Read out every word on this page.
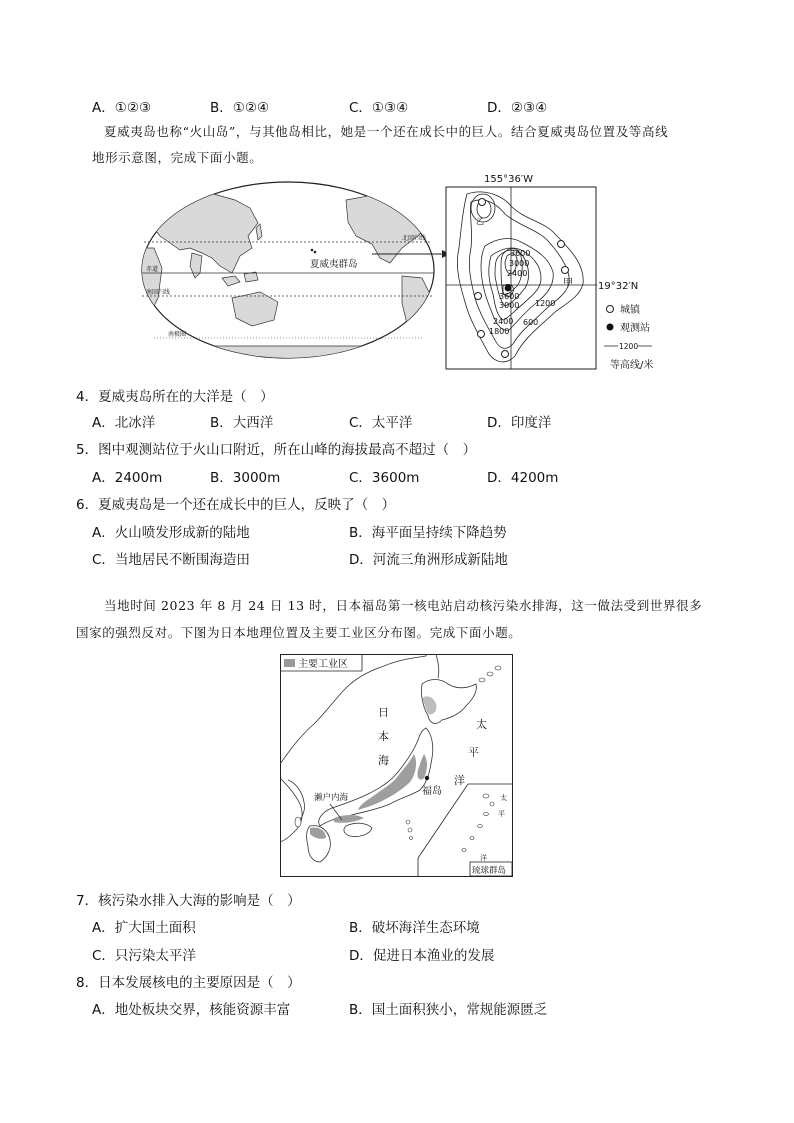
A．①②③	B．①②④	C．①③④	D．②③④
夏威夷岛也称“火山岛”，与其他岛相比，她是一个还在成长中的巨人。结合夏威夷岛位置及等高线
地形示意图，完成下面小题。
夏威夷群岛
北回归线
赤道
南回归线
南极圈
155°36′W
19°32′N
乙
甲
3600
3000
2400
1800
1200
600
2400
3000
3600
城镇
观测站
1200
等高线/米
4．夏威夷岛所在的大洋是（　）
A．北冰洋	B．大西洋	C．太平洋	D．印度洋
5．图中观测站位于火山口附近，所在山峰的海拔最高不超过（　）
A．2400m	B．3000m	C．3600m	D．4200m
6．夏威夷岛是一个还在成长中的巨人，反映了（　）
A．火山喷发形成新的陆地	B．海平面呈持续下降趋势
C．当地居民不断围海造田	D．河流三角洲形成新陆地
当地时间 2023 年 8 月 24 日 13 时，日本福岛第一核电站启动核污染水排海，这一做法受到世界很多
国家的强烈反对。下图为日本地理位置及主要工业区分布图。完成下面小题。
主要工业区
福岛
日
本
海
太
平
洋
濑户内海	太
平
洋
琉球群岛
7．核污染水排入大海的影响是（　）
A．扩大国土面积	B．破坏海洋生态环境
C．只污染太平洋	D．促进日本渔业的发展
8．日本发展核电的主要原因是（　）
A．地处板块交界，核能资源丰富	B．国土面积狭小，常规能源匮乏
